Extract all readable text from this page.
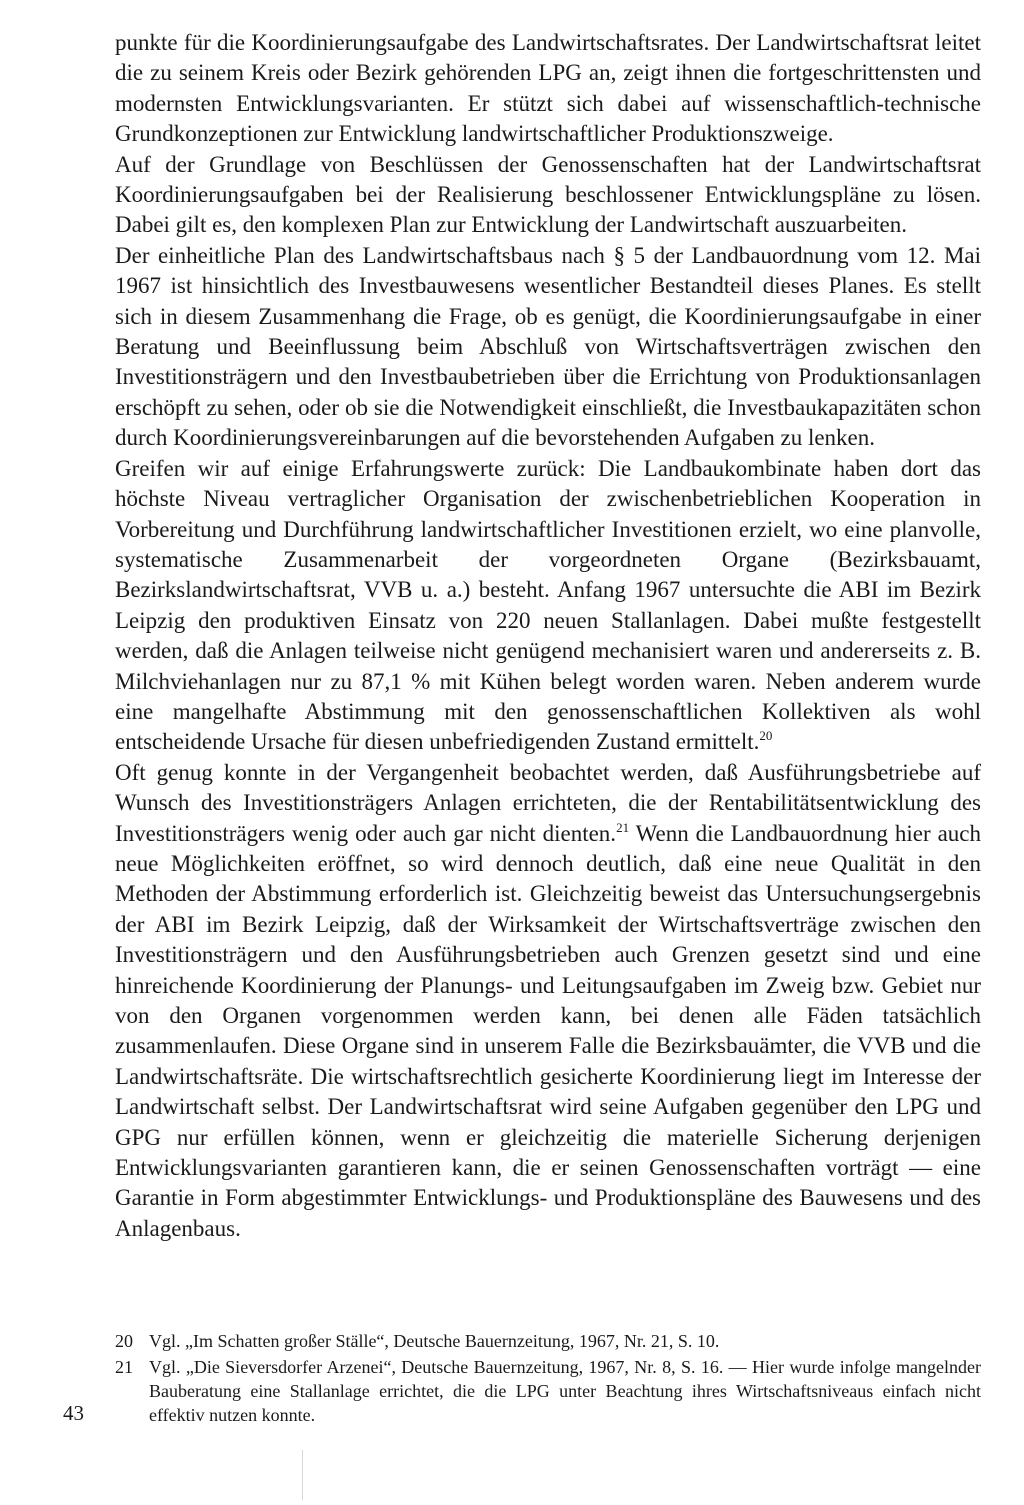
punkte für die Koordinierungsaufgabe des Landwirtschaftsrates. Der Landwirtschaftsrat leitet die zu seinem Kreis oder Bezirk gehörenden LPG an, zeigt ihnen die fortgeschrittensten und modernsten Entwicklungsvarianten. Er stützt sich dabei auf wissenschaftlich-technische Grundkonzeptionen zur Entwicklung landwirtschaftlicher Produktionszweige.

Auf der Grundlage von Beschlüssen der Genossenschaften hat der Landwirtschaftsrat Koordinierungsaufgaben bei der Realisierung beschlossener Entwicklungspläne zu lösen. Dabei gilt es, den komplexen Plan zur Entwicklung der Landwirtschaft auszuarbeiten.

Der einheitliche Plan des Landwirtschaftsbaus nach § 5 der Landbauordnung vom 12. Mai 1967 ist hinsichtlich des Investbauwesens wesentlicher Bestandteil dieses Planes. Es stellt sich in diesem Zusammenhang die Frage, ob es genügt, die Koordinierungsaufgabe in einer Beratung und Beeinflussung beim Abschluß von Wirtschaftsverträgen zwischen den Investitionsträgern und den Investbaubetrieben über die Errichtung von Produktionsanlagen erschöpft zu sehen, oder ob sie die Notwendigkeit einschließt, die Investbaukapazitäten schon durch Koordinierungsvereinbarungen auf die bevorstehenden Aufgaben zu lenken.

Greifen wir auf einige Erfahrungswerte zurück: Die Landbaukombinate haben dort das höchste Niveau vertraglicher Organisation der zwischenbetrieblichen Kooperation in Vorbereitung und Durchführung landwirtschaftlicher Investitionen erzielt, wo eine planvolle, systematische Zusammenarbeit der vorgeordneten Organe (Bezirksbauamt, Bezirkslandwirtschaftsrat, VVB u. a.) besteht. Anfang 1967 untersuchte die ABI im Bezirk Leipzig den produktiven Einsatz von 220 neuen Stallanlagen. Dabei mußte festgestellt werden, daß die Anlagen teilweise nicht genügend mechanisiert waren und andererseits z. B. Milchviehanlagen nur zu 87,1 % mit Kühen belegt worden waren. Neben anderem wurde eine mangelhafte Abstimmung mit den genossenschaftlichen Kollektiven als wohl entscheidende Ursache für diesen unbefriedigenden Zustand ermittelt.$^{20}$

Oft genug konnte in der Vergangenheit beobachtet werden, daß Ausführungsbetriebe auf Wunsch des Investitionsträgers Anlagen errichteten, die der Rentabilitätsentwicklung des Investitionsträgers wenig oder auch gar nicht dienten.$^{21}$ Wenn die Landbauordnung hier auch neue Möglichkeiten eröffnet, so wird dennoch deutlich, daß eine neue Qualität in den Methoden der Abstimmung erforderlich ist. Gleichzeitig beweist das Untersuchungsergebnis der ABI im Bezirk Leipzig, daß der Wirksamkeit der Wirtschaftsverträge zwischen den Investitionsträgern und den Ausführungsbetrieben auch Grenzen gesetzt sind und eine hinreichende Koordinierung der Planungs- und Leitungsaufgaben im Zweig bzw. Gebiet nur von den Organen vorgenommen werden kann, bei denen alle Fäden tatsächlich zusammenlaufen. Diese Organe sind in unserem Falle die Bezirksbauämter, die VVB und die Landwirtschaftsräte. Die wirtschaftsrechtlich gesicherte Koordinierung liegt im Interesse der Landwirtschaft selbst. Der Landwirtschaftsrat wird seine Aufgaben gegenüber den LPG und GPG nur erfüllen können, wenn er gleichzeitig die materielle Sicherung derjenigen Entwicklungsvarianten garantieren kann, die er seinen Genossenschaften vorträgt — eine Garantie in Form abgestimmter Entwicklungs- und Produktionspläne des Bauwesens und des Anlagenbaus.

20 Vgl. „Im Schatten großer Ställe“, Deutsche Bauernzeitung, 1967, Nr. 21, S. 10.
21 Vgl. „Die Sieversdorfer Arzenei“, Deutsche Bauernzeitung, 1967, Nr. 8, S. 16. — Hier wurde infolge mangelnder Bauberatung eine Stallanlage errichtet, die die LPG unter Beachtung ihres Wirtschaftsniveaus einfach nicht effektiv nutzen konnte.
43
